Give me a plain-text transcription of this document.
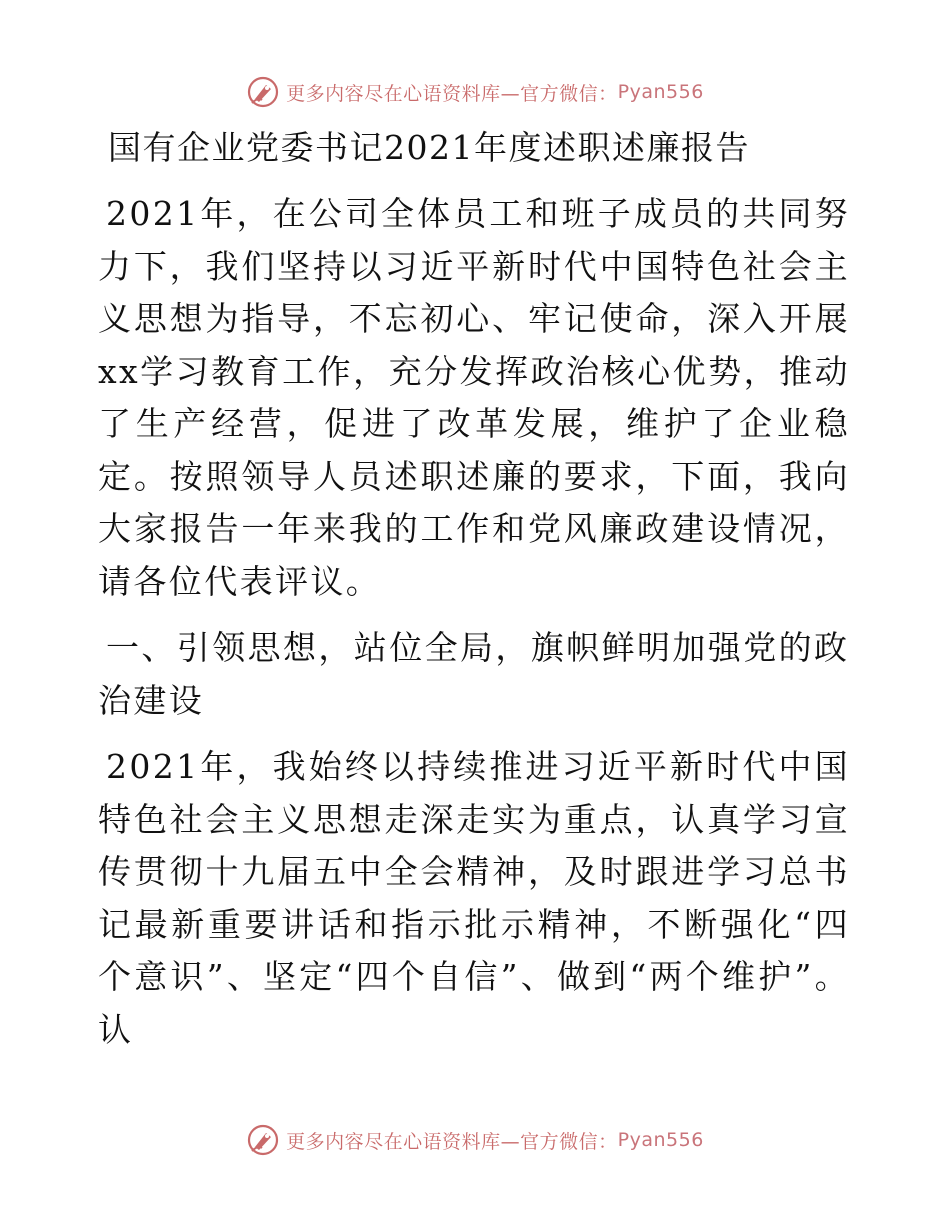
更多内容尽在心语资料库—官方微信： Pyan556
国有企业党委书记2021年度述职述廉报告

2021年，在公司全体员工和班子成员的共同努力下，我们坚持以习近平新时代中国特色社会主义思想为指导，不忘初心、牢记使命，深入开展xx学习教育工作，充分发挥政治核心优势，推动了生产经营，促进了改革发展，维护了企业稳定。按照领导人员述职述廉的要求，下面，我向大家报告一年来我的工作和党风廉政建设情况，请各位代表评议。

一、引领思想，站位全局，旗帜鲜明加强党的政治建设

2021年，我始终以持续推进习近平新时代中国特色社会主义思想走深走实为重点，认真学习宣传贯彻十九届五中全会精神，及时跟进学习总书记最新重要讲话和指示批示精神，不断强化“四个意识”、坚定“四个自信”、做到“两个维护”。认

更多内容尽在心语资料库—官方微信： Pyan556
